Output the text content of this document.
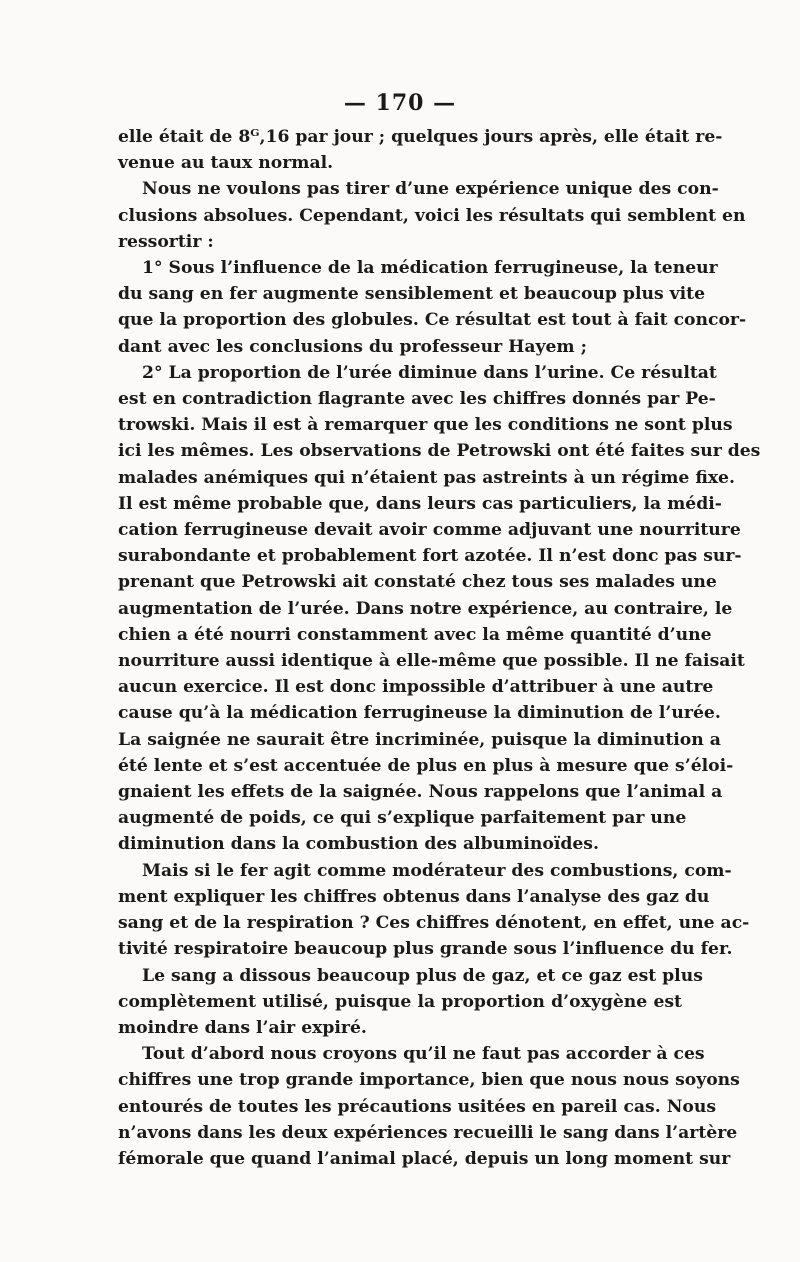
— 170 —
elle était de 8ᴳ,16 par jour ; quelques jours après, elle était re-
venue au taux normal.
Nous ne voulons pas tirer d’une expérience unique des con-
clusions absolues. Cependant, voici les résultats qui semblent en
ressortir :
1° Sous l’influence de la médication ferrugineuse, la teneur
du sang en fer augmente sensiblement et beaucoup plus vite
que la proportion des globules. Ce résultat est tout à fait concor-
dant avec les conclusions du professeur Hayem ;
2° La proportion de l’urée diminue dans l’urine. Ce résultat
est en contradiction flagrante avec les chiffres donnés par Pe-
trowski. Mais il est à remarquer que les conditions ne sont plus
ici les mêmes. Les observations de Petrowski ont été faites sur des
malades anémiques qui n’étaient pas astreints à un régime fixe.
Il est même probable que, dans leurs cas particuliers, la médi-
cation ferrugineuse devait avoir comme adjuvant une nourriture
surabondante et probablement fort azotée. Il n’est donc pas sur-
prenant que Petrowski ait constaté chez tous ses malades une
augmentation de l’urée. Dans notre expérience, au contraire, le
chien a été nourri constamment avec la même quantité d’une
nourriture aussi identique à elle-même que possible. Il ne faisait
aucun exercice. Il est donc impossible d’attribuer à une autre
cause qu’à la médication ferrugineuse la diminution de l’urée.
La saignée ne saurait être incriminée, puisque la diminution a
été lente et s’est accentuée de plus en plus à mesure que s’éloi-
gnaient les effets de la saignée. Nous rappelons que l’animal a
augmenté de poids, ce qui s’explique parfaitement par une
diminution dans la combustion des albuminoïdes.
Mais si le fer agit comme modérateur des combustions, com-
ment expliquer les chiffres obtenus dans l’analyse des gaz du
sang et de la respiration ? Ces chiffres dénotent, en effet, une ac-
tivité respiratoire beaucoup plus grande sous l’influence du fer.
Le sang a dissous beaucoup plus de gaz, et ce gaz est plus
complètement utilisé, puisque la proportion d’oxygène est
moindre dans l’air expiré.
Tout d’abord nous croyons qu’il ne faut pas accorder à ces
chiffres une trop grande importance, bien que nous nous soyons
entourés de toutes les précautions usitées en pareil cas. Nous
n’avons dans les deux expériences recueilli le sang dans l’artère
fémorale que quand l’animal placé, depuis un long moment sur
